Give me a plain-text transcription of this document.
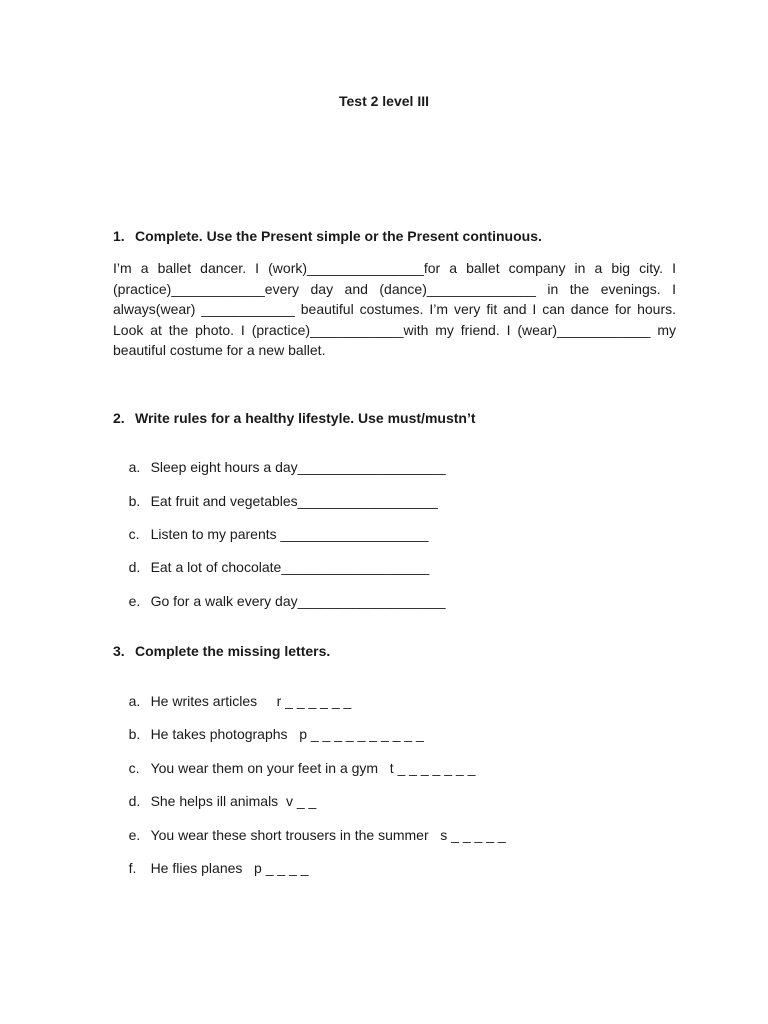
Test 2 level III
1. Complete. Use the Present simple or the Present continuous.
I’m a ballet dancer. I (work)_______________for a ballet company in a big city. I (practice)____________every day and (dance)______________ in the evenings. I always(wear) ____________ beautiful costumes. I’m very fit and I can dance for hours. Look at the photo. I (practice)____________with my friend. I (wear)____________ my beautiful costume for a new ballet.
2. Write rules for a healthy lifestyle. Use must/mustn’t

a. Sleep eight hours a day___________________

b. Eat fruit and vegetables__________________

c. Listen to my parents ___________________

d. Eat a lot of chocolate___________________

e. Go for a walk every day___________________

3. Complete the missing letters.

a. He writes articles     r _ _ _ _ _ _

b. He takes photographs   p _ _ _ _ _ _ _ _ _ _

c. You wear them on your feet in a gym   t _ _ _ _ _ _ _

d. She helps ill animals  v _ _

e. You wear these short trousers in the summer   s _ _ _ _ _

f. He flies planes   p _ _ _ _
